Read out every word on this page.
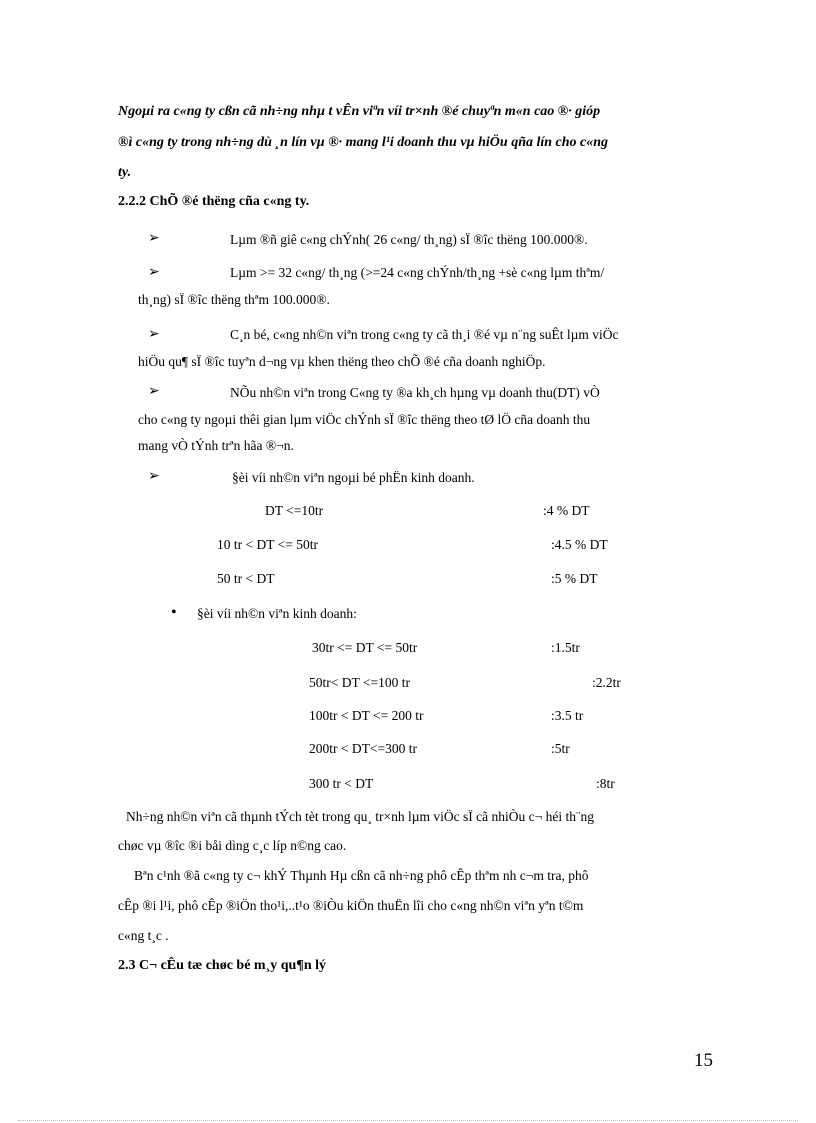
Ngoµi ra c«ng ty cßn cã nh÷ng nhµ t vÊn viªn víi tr×nh ®é chuyªn m«n cao ®· gióp
®ì c«ng ty trong nh÷ng dù ¸n lín vµ ®· mang l¹i doanh thu vµ hiÖu qña lín cho c«ng
ty.
2.2.2 ChÕ ®é thëng cña c«ng ty.
➢	Lµm ®ñ giê c«ng chÝnh( 26 c«ng/ th¸ng) sÏ ®îc thëng 100.000®.
➢	Lµm >= 32 c«ng/ th¸ng (>=24 c«ng chÝnh/th¸ng +sè c«ng lµm thªm/
th¸ng) sÏ ®îc thëng thªm 100.000®.
➢	C¸n bé, c«ng nh©n viªn trong c«ng ty cã th¸i ®é vµ n¨ng suÊt lµm viÖc
hiÖu qu¶ sÏ ®îc tuyªn d¬ng vµ khen thëng theo chÕ ®é cña doanh nghiÖp.
➢	NÕu nh©n viªn trong C«ng ty ®a kh¸ch hµng vµ doanh thu(DT) vÒ
cho c«ng ty ngoµi thêi gian lµm viÖc chÝnh sÏ ®îc thëng theo tØ lÖ cña doanh thu
mang vÒ tÝnh trªn hãa ®¬n.
➢	§èi víi nh©n viªn ngoµi bé phËn kinh doanh.
DT <=10tr	:4 % DT
10 tr < DT <= 50tr	:4.5 % DT
50 tr < DT	:5 % DT
• §èi víi nh©n viªn kinh doanh:
30tr <= DT <= 50tr	:1.5tr
50tr< DT <=100 tr	:2.2tr
100tr < DT <= 200 tr	:3.5 tr
200tr < DT<=300 tr	:5tr
300 tr < DT	:8tr
Nh÷ng nh©n viªn cã thµnh tÝch tèt trong qu¸ tr×nh lµm viÖc sÏ cã nhiÒu c¬ héi th¨ng
chøc vµ ®îc ®i båi dìng c¸c líp n©ng cao.
Bªn c¹nh ®ã c«ng ty c¬ khÝ Thµnh Hµ cßn cã nh÷ng phô cÊp thªm nh c¬m tra, phô
cÊp ®i l¹i, phô cÊp ®iÖn tho¹i,..t¹o ®iÒu kiÖn thuËn lîi cho c«ng nh©n viªn yªn t©m
c«ng t¸c .
2.3 C¬ cÊu tæ chøc bé m¸y qu¶n lý
15
